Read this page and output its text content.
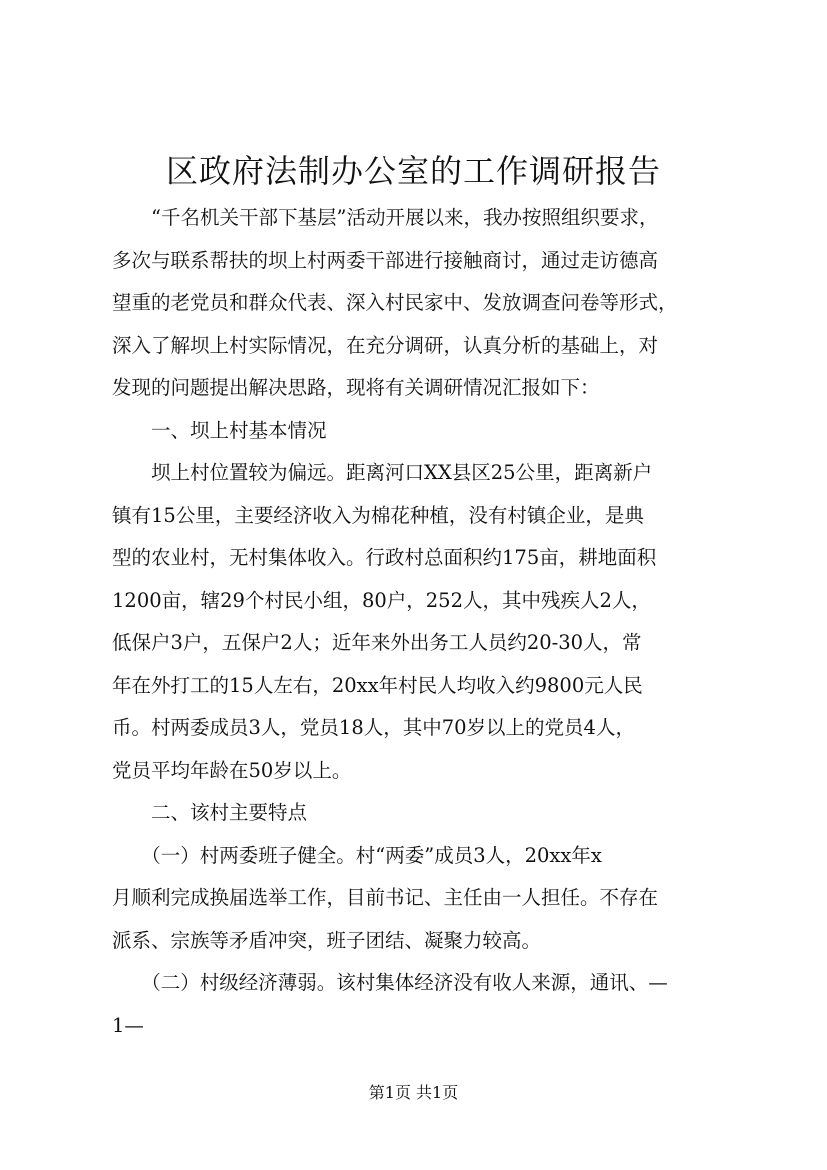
区政府法制办公室的工作调研报告
　　“千名机关干部下基层”活动开展以来，我办按照组织要求，
多次与联系帮扶的坝上村两委干部进行接触商讨，通过走访德高
望重的老党员和群众代表、深入村民家中、发放调查问卷等形式，
深入了解坝上村实际情况，在充分调研，认真分析的基础上，对
发现的问题提出解决思路，现将有关调研情况汇报如下：
　　一、坝上村基本情况
　　坝上村位置较为偏远。距离河口XX县区25公里，距离新户
镇有15公里，主要经济收入为棉花种植，没有村镇企业，是典
型的农业村，无村集体收入。行政村总面积约175亩，耕地面积
1200亩，辖29个村民小组，80户，252人，其中残疾人2人，
低保户3户，五保户2人；近年来外出务工人员约20-30人，常
年在外打工的15人左右，20xx年村民人均收入约9800元人民
币。村两委成员3人，党员18人，其中70岁以上的党员4人，
党员平均年龄在50岁以上。
　　二、该村主要特点
　　（一）村两委班子健全。村“两委”成员3人，20xx年x
月顺利完成换届选举工作，目前书记、主任由一人担任。不存在
派系、宗族等矛盾冲突，班子团结、凝聚力较高。
　　（二）村级经济薄弱。该村集体经济没有收人来源，通讯、—
1—
第1页 共1页
